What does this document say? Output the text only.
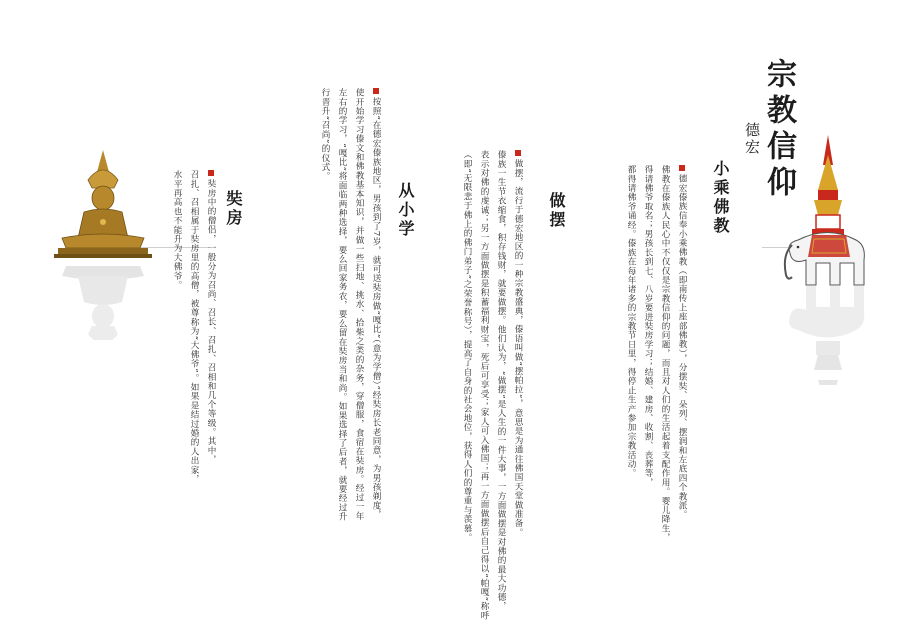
宗教信仰
德宏
小乘佛教
德宏傣族信奉小乘佛教（即南传上座部佛教），分摆奘、朵列、摆润和左底四个教派。
佛教在傣族人民心中不仅仅是宗教信仰的问题，而且对人们的生活起着支配作用。婴儿降生，
得请佛爷取名；男孩长到七、八岁要进奘房学习；结婚、建房、收割、丧葬等，
都得请佛爷诵经。傣族在每年诸多的宗教节日里，得停止生产参加宗教活动。
做摆
做摆，流行于德宏地区的一种宗教盛典，傣语叫做“摆帕拉”，意思是为通往佛国天堂做准备。
傣族一生节衣缩食，积存钱财，就要做摆。他们认为，“做摆”是人生的一件大事，一方面做摆是对佛的最大功德，
表示对佛的虔诚；另一方面做摆是积蓄福利财宝，死后可享受；家人可入佛国；再一方面做摆后自己得以“帕嘎”称呼
（即“无限悲于佛上的佛门弟子”之荣誉称号），提高了自身的社会地位，获得人们的尊重与羡慕。
从小学
按照“在德宏傣族地区，男孩到了7岁，就可送奘房做“嘎比”（意为学僧）”经奘房长老同意，为男孩剃度，
使开始学习傣文和佛教基本知识，并做一些扫地、挑水、拾柴之类的杂务，穿僧服，食宿在奘房。经过一年
左右的学习，“嘎比”将面临两种选择，要么回家务农，要么留在奘房当和尚。如果选择了后者，就要经过升
行晋升“召尚”的仪式。
奘房
奘房中的僧侣，一般分为召尚、召长、召扎、召相和几个等级。其中，
召扎、召相属于奘房里的高僧，被尊称为“大佛爷”。如果是结过婚的人出家，
水平再高也不能升为大佛爷。
